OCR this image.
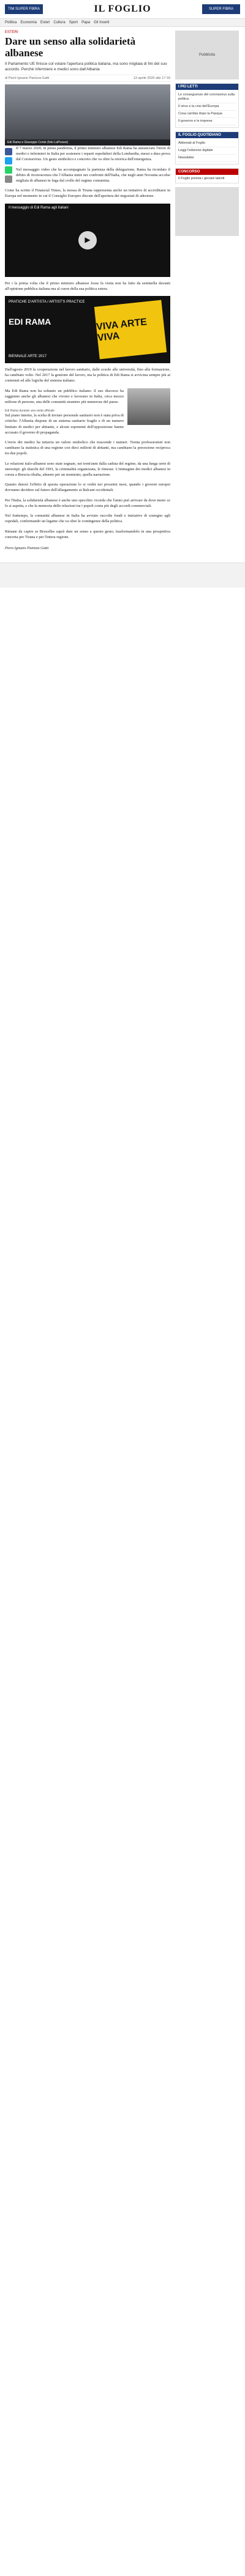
TIM SUPER FIBRA	IL FOGLIO	SUPER FIBRA
Politica Economia Esteri Cultura Sport Papa Gli Inserti
ESTERI
Dare un senso alla solidarietà albanese
Il Parlamento UE finisce col votare l'apertura politica italiana, ma sono migliaia di fini del suo accordo. Perché infermiere e medici sono dall'Albania
di Pierò Ignazio Panizza Gatti	13 aprile 2020 alle 17:18
Edi Rama e Giuseppe Conte (foto LaPresse)

Il 7 marzo 2020, in piena pandemia, il primo ministro albanese Edi Rama ha annunciato l'invio di medici e infermieri in Italia per sostenere i reparti ospedalieri della Lombardia, messi a dura prova dal Coronavirus. Un gesto simbolico e concreto che va oltre la retorica dell'emergenza.

Nel messaggio video che ha accompagnato la partenza della delegazione, Rama ha ricordato il debito di riconoscenza che l'Albania nutre nei confronti dell'Italia, che negli anni Novanta accolse migliaia di albanesi in fuga dal crollo del regime comunista.

Come ha scritto il Financial Times, la mossa di Tirana rappresenta anche un tentativo di accreditarsi in Europa nel momento in cui il Consiglio Europeo discute dell'apertura dei negoziati di adesione.

Il messaggio di Edi Rama agli italiani
▶

Per i la prima volta che il primo ministro albanese fosse fa visita non ha fatto da sentinella davanti all'opinione pubblica italiana ma al cuore della sua politica estera.

PRATICHE D'ARTISTA / ARTIST'S PRACTICE
EDI RAMA
BIENNALE ARTE 2017
VIVA ARTE VIVA

Dall'agosto 2019 la cooperazione nel lavoro sanitario, dalle scuole alle università, fino alla formazione, ha cambiato volto. Nel 2017 la gestione del lavoro, ma la politica di Edi Rama si avvicina sempre più ai contenuti ed alle logiche del sistema italiano.

Ma Edi Rama non ha soltanto un pubblico italiano: il suo discorso ha raggiunto anche gli albanesi che vivono e lavorano in Italia, circa mezzo milione di persone, una delle comunità straniere più numerose del paese.

Edi Rama durante una visita ufficiale

Sul piano interno, la scelta di inviare personale sanitario non è stata priva di critiche: l'Albania dispone di un sistema sanitario fragile e di un numero limitato di medici per abitante, e alcuni esponenti dell'opposizione hanno accusato il governo di propaganda.

L'invio dei medici ha tuttavia un valore simbolico che trascende i numeri. Trenta professionisti non cambiano la statistica di una regione con dieci milioni di abitanti, ma cambiano la percezione reciproca tra due popoli.

Le relazioni italo-albanesi sono state segnate, nei trent'anni dalla caduta del regime, da una lunga serie di stereotipi: gli sbarchi del 1991, la criminalità organizzata, le rimesse. L'immagine dei medici albanesi in corsia a Brescia ribalta, almeno per un momento, quella narrazione.

Quanto durerà l'effetto di questa operazione lo si vedrà nei prossimi mesi, quando i governi europei dovranno decidere sul futuro dell'allargamento ai Balcani occidentali.

Per l'Italia, la solidarietà albanese è anche uno specchio: ricorda che l'aiuto può arrivare da dove meno ce lo si aspetta, e che la memoria delle relazioni tra i popoli conta più degli accordi commerciali.

Nel frattempo, la comunità albanese in Italia ha avviato raccolte fondi e iniziative di sostegno agli ospedali, confermando un legame che va oltre le contingenze della politica.

Rimane da capire se Bruxelles saprà dare un senso a questo gesto, trasformandolo in una prospettiva concreta per Tirana e per l'intera regione.

Piero Ignazio Panizza Gatti
Pubblicità
I PIÙ LETTI
Le conseguenze del coronavirus sulla politica
Il virus e la crisi dell'Europa
Cosa cambia dopo la Pasqua
Il governo e le imprese
IL FOGLIO QUOTIDIANO
Abbonati al Foglio
Leggi l'edizione digitale
Newsletter
CONCORSO
Il Foglio premia i giovani talenti
